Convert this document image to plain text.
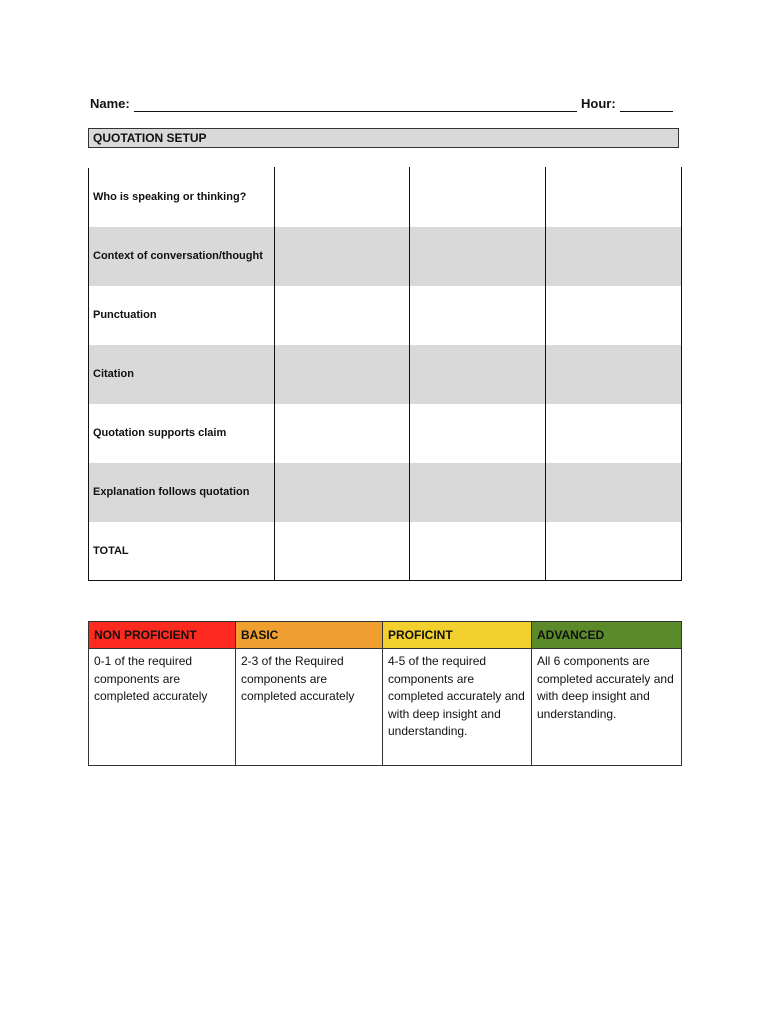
Name:	Hour:
QUOTATION SETUP
Who is speaking or thinking?			
Context of conversation/thought			
Punctuation			
Citation			
Quotation supports claim			
Explanation follows quotation			
TOTAL			
NON PROFICIENT	BASIC	PROFICINT	ADVANCED
0-1 of the required components are completed accurately	2-3 of the Required components are completed accurately	4-5 of the required components are completed accurately and with deep insight and understanding.	All 6 components are completed accurately and with deep insight and understanding.
